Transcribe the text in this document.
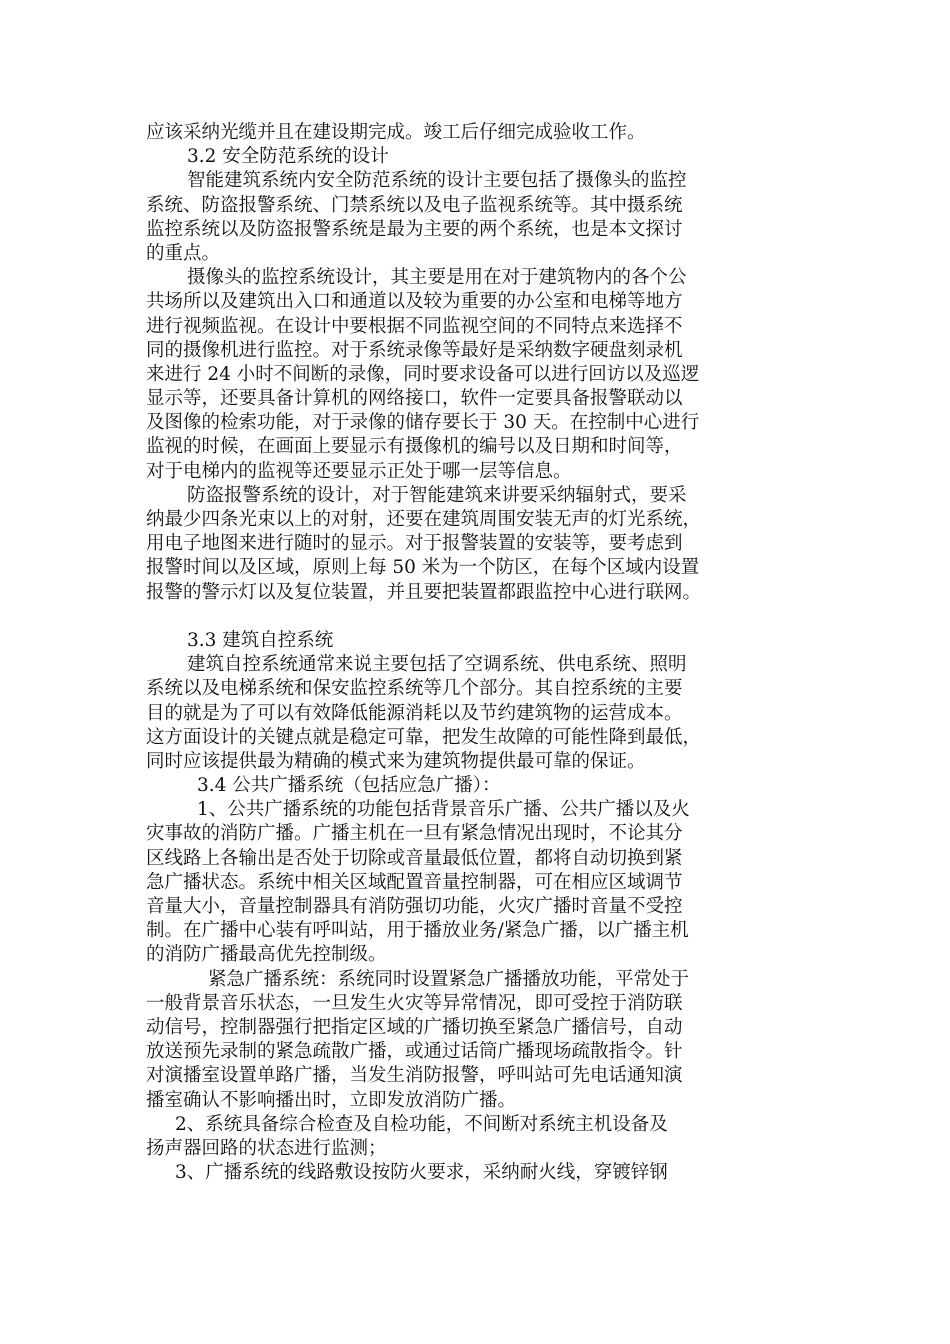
应该采纳光缆并且在建设期完成。竣工后仔细完成验收工作。
3.2 安全防范系统的设计
智能建筑系统内安全防范系统的设计主要包括了摄像头的监控
系统、防盗报警系统、门禁系统以及电子监视系统等。其中摄系统
监控系统以及防盗报警系统是最为主要的两个系统，也是本文探讨
的重点。
摄像头的监控系统设计，其主要是用在对于建筑物内的各个公
共场所以及建筑出入口和通道以及较为重要的办公室和电梯等地方
进行视频监视。在设计中要根据不同监视空间的不同特点来选择不
同的摄像机进行监控。对于系统录像等最好是采纳数字硬盘刻录机
来进行 24 小时不间断的录像，同时要求设备可以进行回访以及巡逻
显示等，还要具备计算机的网络接口，软件一定要具备报警联动以
及图像的检索功能，对于录像的储存要长于 30 天。在控制中心进行
监视的时候，在画面上要显示有摄像机的编号以及日期和时间等，
对于电梯内的监视等还要显示正处于哪一层等信息。
防盗报警系统的设计，对于智能建筑来讲要采纳辐射式，要采
纳最少四条光束以上的对射，还要在建筑周围安装无声的灯光系统，
用电子地图来进行随时的显示。对于报警装置的安装等，要考虑到
报警时间以及区域，原则上每 50 米为一个防区，在每个区域内设置
报警的警示灯以及复位装置，并且要把装置都跟监控中心进行联网。
3.3 建筑自控系统
建筑自控系统通常来说主要包括了空调系统、供电系统、照明
系统以及电梯系统和保安监控系统等几个部分。其自控系统的主要
目的就是为了可以有效降低能源消耗以及节约建筑物的运营成本。
这方面设计的关键点就是稳定可靠，把发生故障的可能性降到最低，
同时应该提供最为精确的模式来为建筑物提供最可靠的保证。
3.4 公共广播系统（包括应急广播）：
1、公共广播系统的功能包括背景音乐广播、公共广播以及火
灾事故的消防广播。广播主机在一旦有紧急情况出现时，不论其分
区线路上各输出是否处于切除或音量最低位置，都将自动切换到紧
急广播状态。系统中相关区域配置音量控制器，可在相应区域调节
音量大小，音量控制器具有消防强切功能，火灾广播时音量不受控
制。在广播中心装有呼叫站，用于播放业务/紧急广播，以广播主机
的消防广播最高优先控制级。
紧急广播系统：系统同时设置紧急广播播放功能，平常处于
一般背景音乐状态，一旦发生火灾等异常情况，即可受控于消防联
动信号，控制器强行把指定区域的广播切换至紧急广播信号，自动
放送预先录制的紧急疏散广播，或通过话筒广播现场疏散指令。针
对演播室设置单路广播，当发生消防报警，呼叫站可先电话通知演
播室确认不影响播出时，立即发放消防广播。
2、系统具备综合检查及自检功能，不间断对系统主机设备及
扬声器回路的状态进行监测；
3、广播系统的线路敷设按防火要求，采纳耐火线，穿镀锌钢
